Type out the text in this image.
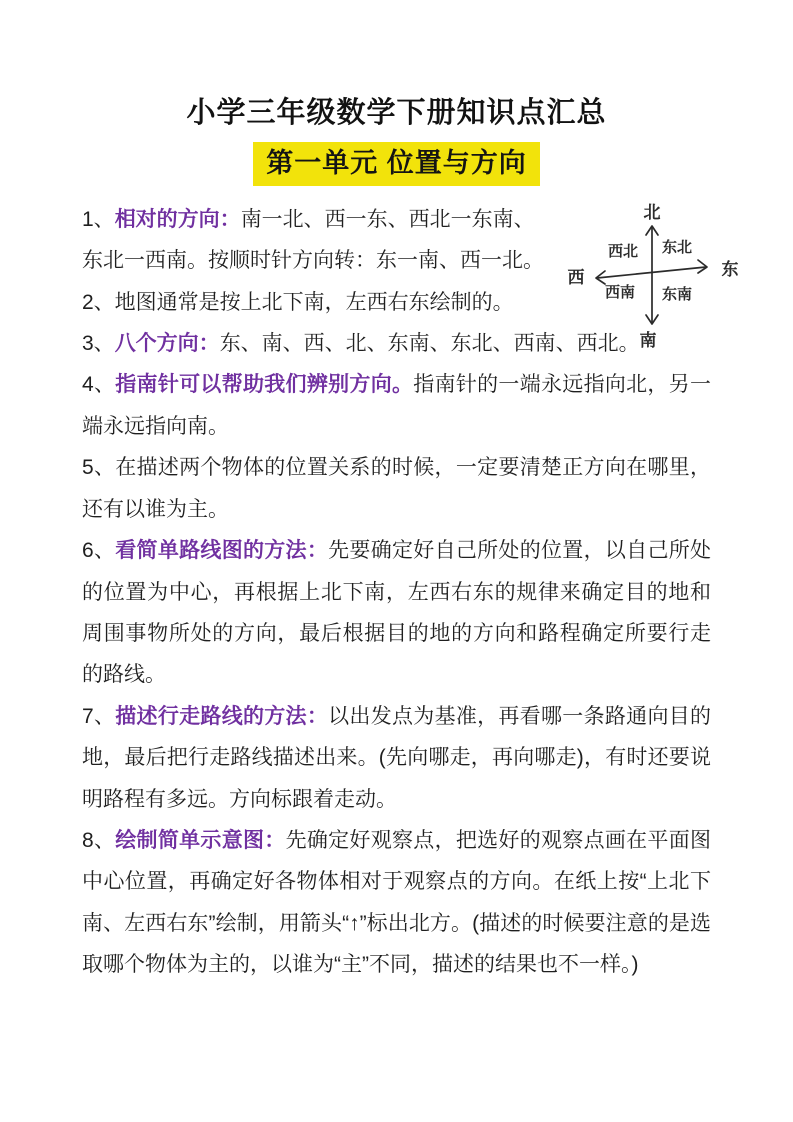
小学三年级数学下册知识点汇总
第一单元 位置与方向

1、相对的方向：南一北、西一东、西北一东南、
东北一西南。按顺时针方向转：东一南、西一北。

2、地图通常是按上北下南，左西右东绘制的。

3、八个方向：东、南、西、北、东南、东北、西南、西北。

4、指南针可以帮助我们辨别方向。指南针的一端永远指向北，另一端永远指向南。

5、在描述两个物体的位置关系的时候，一定要清楚正方向在哪里，还有以谁为主。

6、看简单路线图的方法：先要确定好自己所处的位置，以自己所处的位置为中心，再根据上北下南，左西右东的规律来确定目的地和周围事物所处的方向，最后根据目的地的方向和路程确定所要行走的路线。

7、描述行走路线的方法：以出发点为基准，再看哪一条路通向目的地，最后把行走路线描述出来。(先向哪走，再向哪走)，有时还要说明路程有多远。方向标跟着走动。

8、绘制简单示意图：先确定好观察点，把选好的观察点画在平面图中心位置，再确定好各物体相对于观察点的方向。在纸上按“上北下南、左西右东”绘制，用箭头“↑”标出北方。(描述的时候要注意的是选取哪个物体为主的，以谁为“主”不同，描述的结果也不一样。)

北
南
西	东
西北 东北
西南 东南
